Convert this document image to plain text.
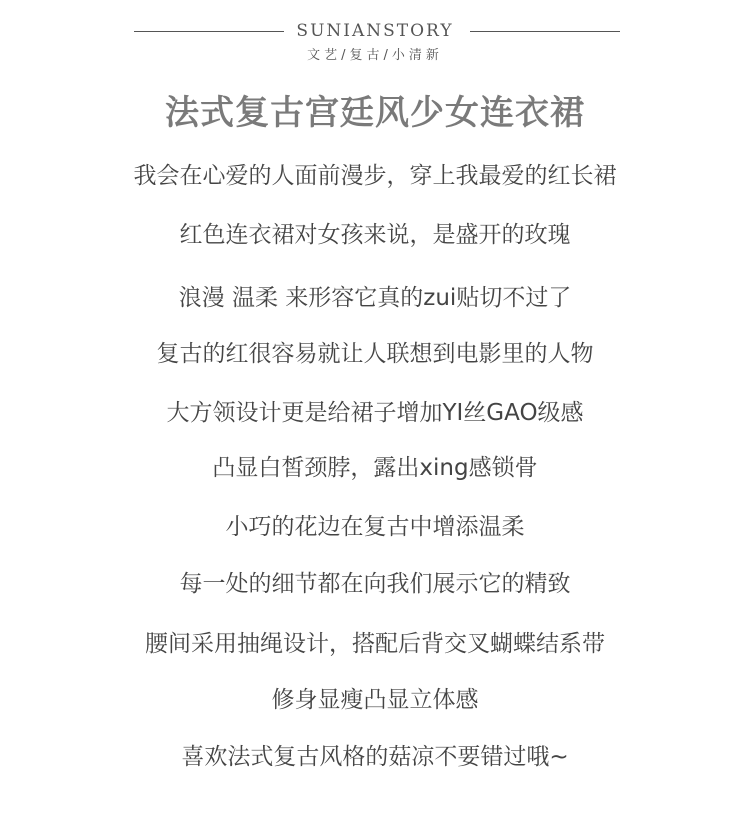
SUNIANSTORY
文艺/复古/小清新
法式复古宫廷风少女连衣裙
我会在心爱的人面前漫步，穿上我最爱的红长裙
红色连衣裙对女孩来说，是盛开的玫瑰
浪漫 温柔 来形容它真的zui贴切不过了
复古的红很容易就让人联想到电影里的人物
大方领设计更是给裙子增加YI丝GAO级感
凸显白皙颈脖，露出xing感锁骨
小巧的花边在复古中增添温柔
每一处的细节都在向我们展示它的精致
腰间采用抽绳设计，搭配后背交叉蝴蝶结系带
修身显瘦凸显立体感
喜欢法式复古风格的菇凉不要错过哦~
